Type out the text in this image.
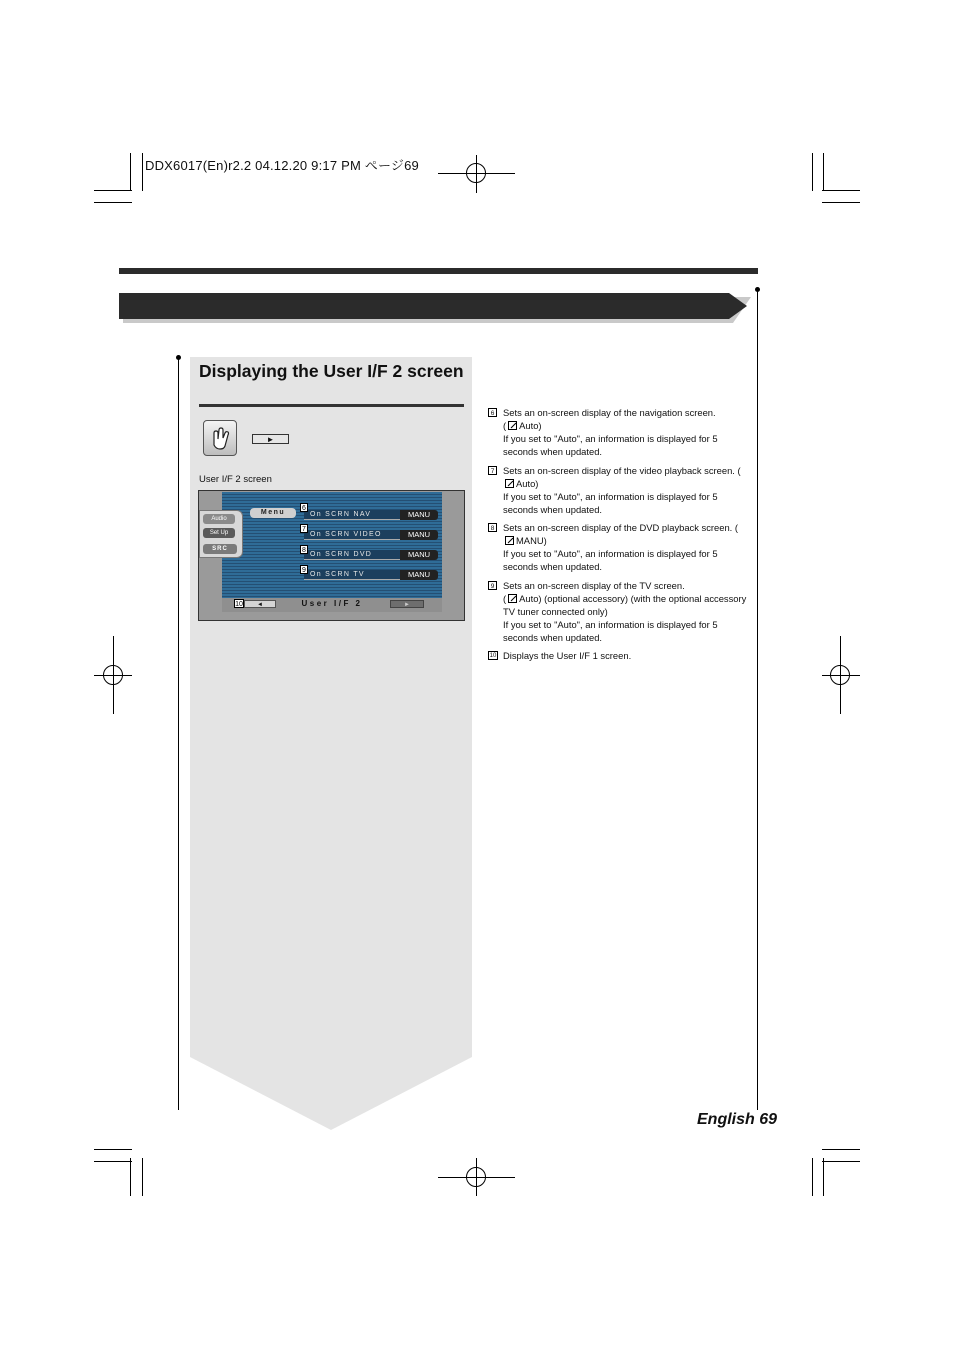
DDX6017(En)r2.2 04.12.20 9:17 PM ページ69
Displaying the User I/F 2 screen
►
User I/F 2 screen
Audio
Set Up
SRC
Menu	On SCRN NAV	MANU
6
On SCRN VIDEO	MANU
7
On SCRN DVD	MANU
8
On SCRN TV	MANU
9
10	◄	User I/F 2	►
6 Sets an on-screen display of the navigation screen.
( Auto)
If you set to "Auto", an information is displayed for 5 seconds when updated.
7 Sets an on-screen display of the video playback screen. (Auto)
If you set to "Auto", an information is displayed for 5 seconds when updated.
8 Sets an on-screen display of the DVD playback screen. (MANU)
If you set to "Auto", an information is displayed for 5 seconds when updated.
9 Sets an on-screen display of the TV screen.
( Auto) (optional accessory) (with the optional accessory TV tuner connected only)
If you set to "Auto", an information is displayed for 5 seconds when updated.
10 Displays the User I/F 1 screen.
English 69
